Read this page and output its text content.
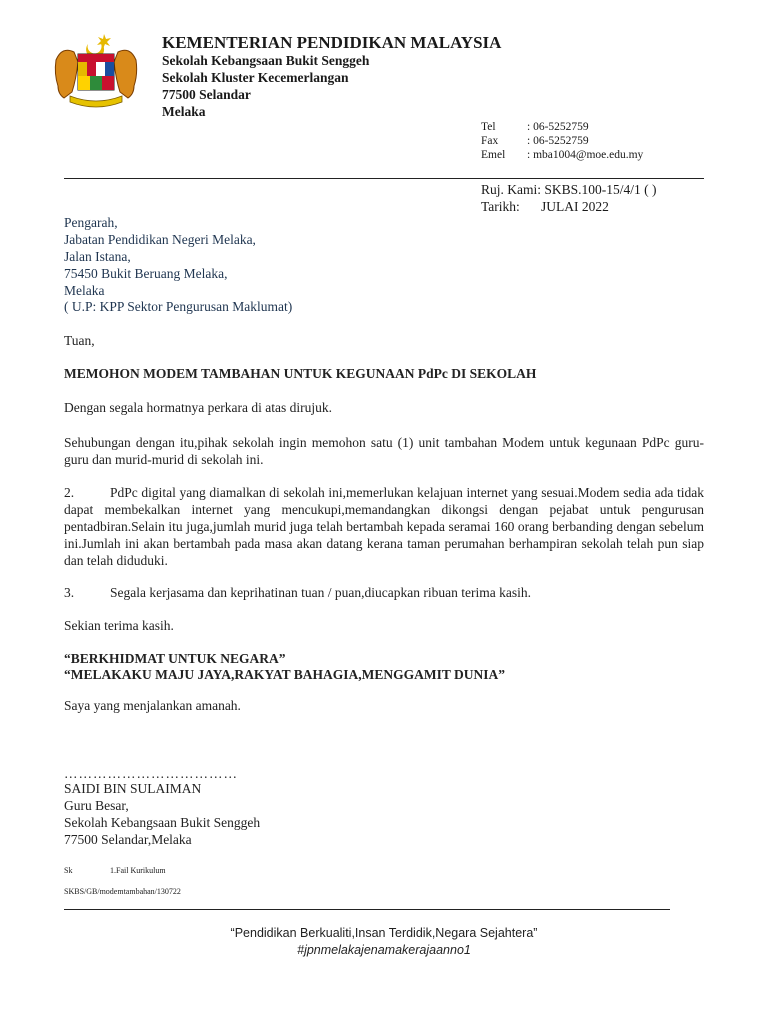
KEMENTERIAN PENDIDIKAN MALAYSIA
Sekolah Kebangsaan Bukit Senggeh
Sekolah Kluster Kecemerlangan
77500 Selandar
Melaka
Tel	: 06-5252759
Fax	: 06-5252759
Emel : mba1004@moe.edu.my
Ruj. Kami: SKBS.100-15/4/1 ( )
Tarikh: JULAI 2022
Pengarah,
Jabatan Pendidikan Negeri Melaka,
Jalan Istana,
75450 Bukit Beruang Melaka,
Melaka
( U.P: KPP Sektor Pengurusan Maklumat)
Tuan,
MEMOHON MODEM TAMBAHAN UNTUK KEGUNAAN PdPc DI SEKOLAH
Dengan segala hormatnya perkara di atas dirujuk.
Sehubungan dengan itu,pihak sekolah ingin memohon satu (1) unit tambahan Modem untuk kegunaan PdPc guru-guru dan murid-murid di sekolah ini.
2.	PdPc digital yang diamalkan di sekolah ini,memerlukan kelajuan internet yang sesuai.Modem sedia ada tidak dapat membekalkan internet yang mencukupi,memandangkan dikongsi dengan pejabat untuk pengurusan pentadbiran.Selain itu juga,jumlah murid juga telah bertambah kepada seramai 160 orang berbanding dengan sebelum ini.Jumlah ini akan bertambah pada masa akan datang kerana taman perumahan berhampiran sekolah telah pun siap dan telah diduduki.
3.	Segala kerjasama dan keprihatinan tuan / puan,diucapkan ribuan terima kasih.
Sekian terima kasih.
“BERKHIDMAT UNTUK NEGARA”
“MELAKAKU MAJU JAYA,RAKYAT BAHAGIA,MENGGAMIT DUNIA”
Saya yang menjalankan amanah.
………………………………
SAIDI BIN SULAIMAN
Guru Besar,
Sekolah Kebangsaan Bukit Senggeh
77500 Selandar,Melaka
Sk	1.Fail Kurikulum
SKBS/GB/modemtambahan/130722
“Pendidikan Berkualiti,Insan Terdidik,Negara Sejahtera”
#jpnmelakajenamakerajaanno1
